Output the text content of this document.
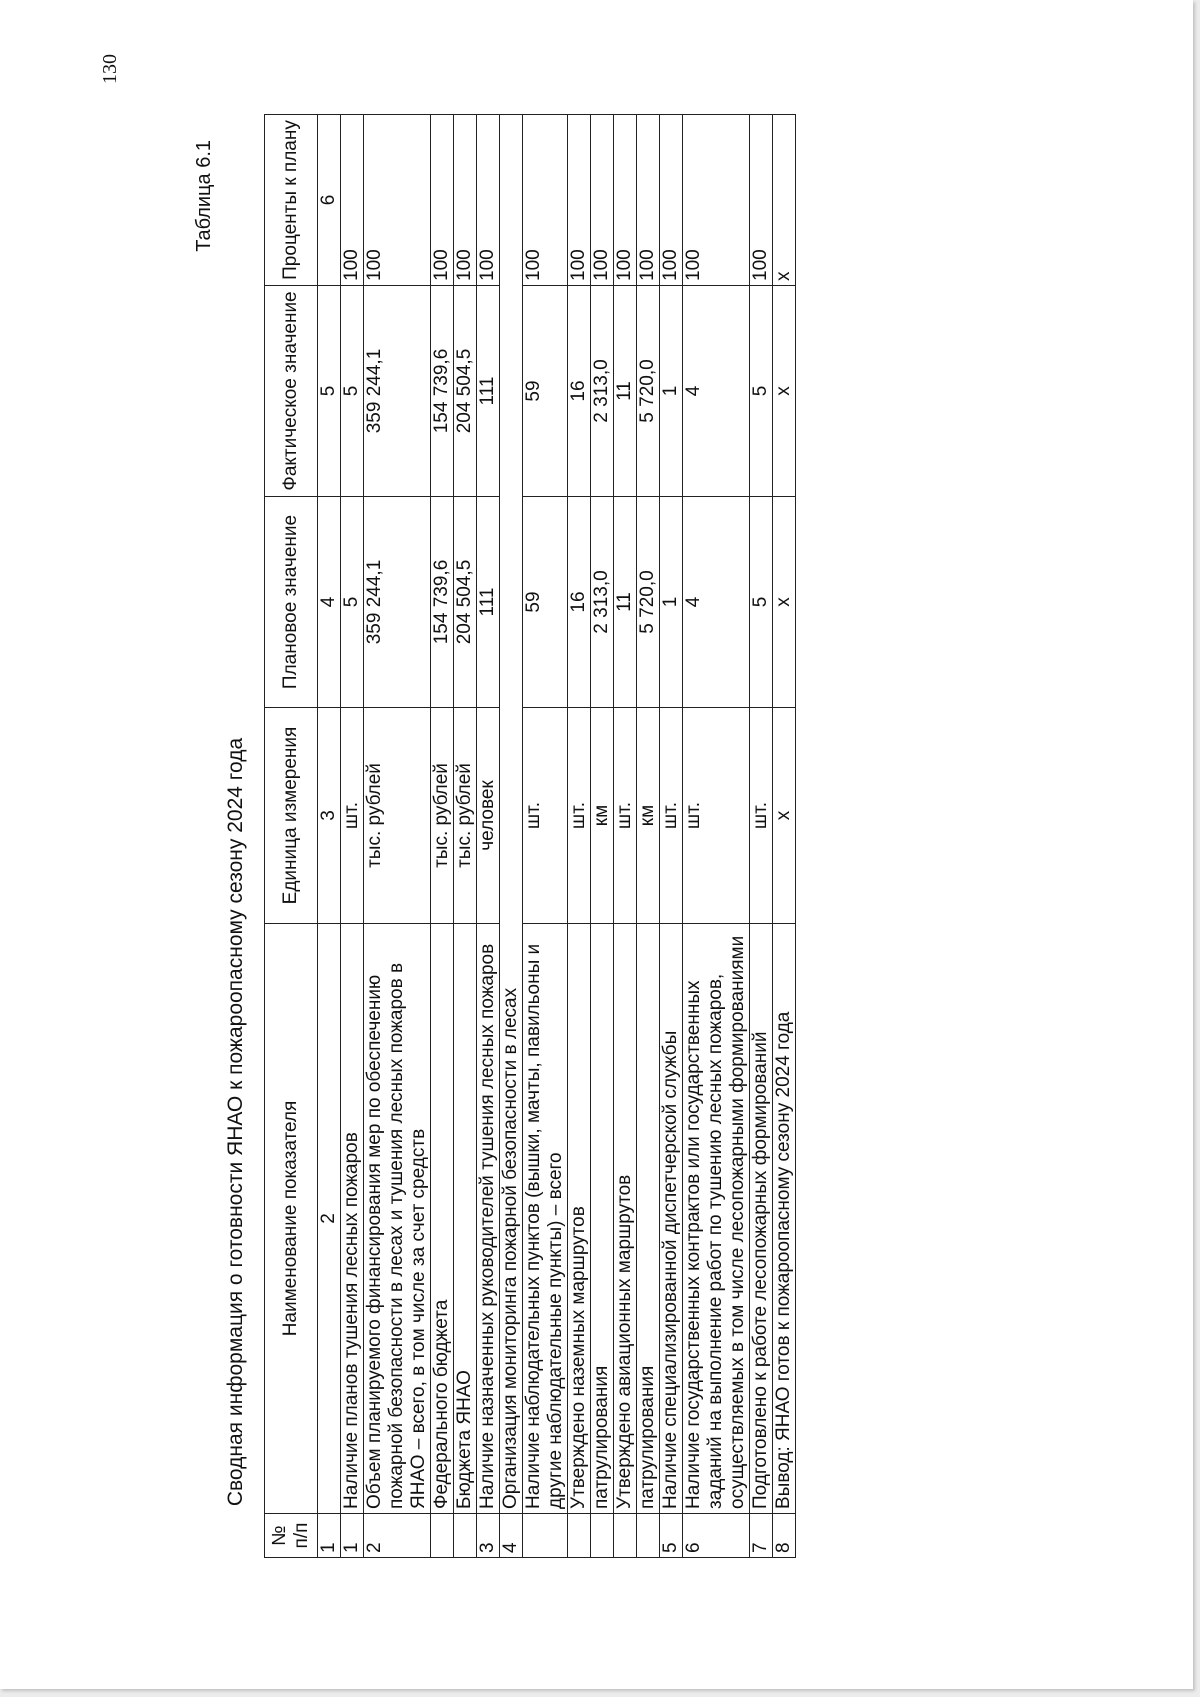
130
Таблица 6.1
Сводная информация о готовности ЯНАО к пожароопасному сезону 2024 года
№ п/п	Наименование показателя	Единица измерения	Плановое значение	Фактическое значение	Проценты к плану
1	2	3	4	5	6
1	Наличие планов тушения лесных пожаров	шт.	5	5	100
2	Объем планируемого финансирования мер по обеспечению пожарной безопасности в лесах и тушения лесных пожаров в ЯНАО – всего, в том числе за счет средств	тыс. рублей	359 244,1	359 244,1	100
	Федерального бюджета	тыс. рублей	154 739,6	154 739,6	100
	Бюджета ЯНАО	тыс. рублей	204 504,5	204 504,5	100
3	Наличие назначенных руководителей тушения лесных пожаров	человек	111	111	100
4	Организация мониторинга пожарной безопасности в лесах				
	Наличие наблюдательных пунктов (вышки, мачты, павильоны и другие наблюдательные пункты) – всего	шт.	59	59	100
	Утверждено наземных маршрутов	шт.	16	16	100
	патрулирования	км	2 313,0	2 313,0	100
	Утверждено авиационных маршрутов	шт.	11	11	100
	патрулирования	км	5 720,0	5 720,0	100
5	Наличие специализированной диспетчерской службы	шт.	1	1	100
6	Наличие государственных контрактов или государственных заданий на выполнение работ по тушению лесных пожаров, осуществляемых в том числе лесопожарными формированиями	шт.	4	4	100
7	Подготовлено к работе лесопожарных формирований	шт.	5	5	100
8	Вывод: ЯНАО готов к пожароопасному сезону 2024 года	х	х	х	х
